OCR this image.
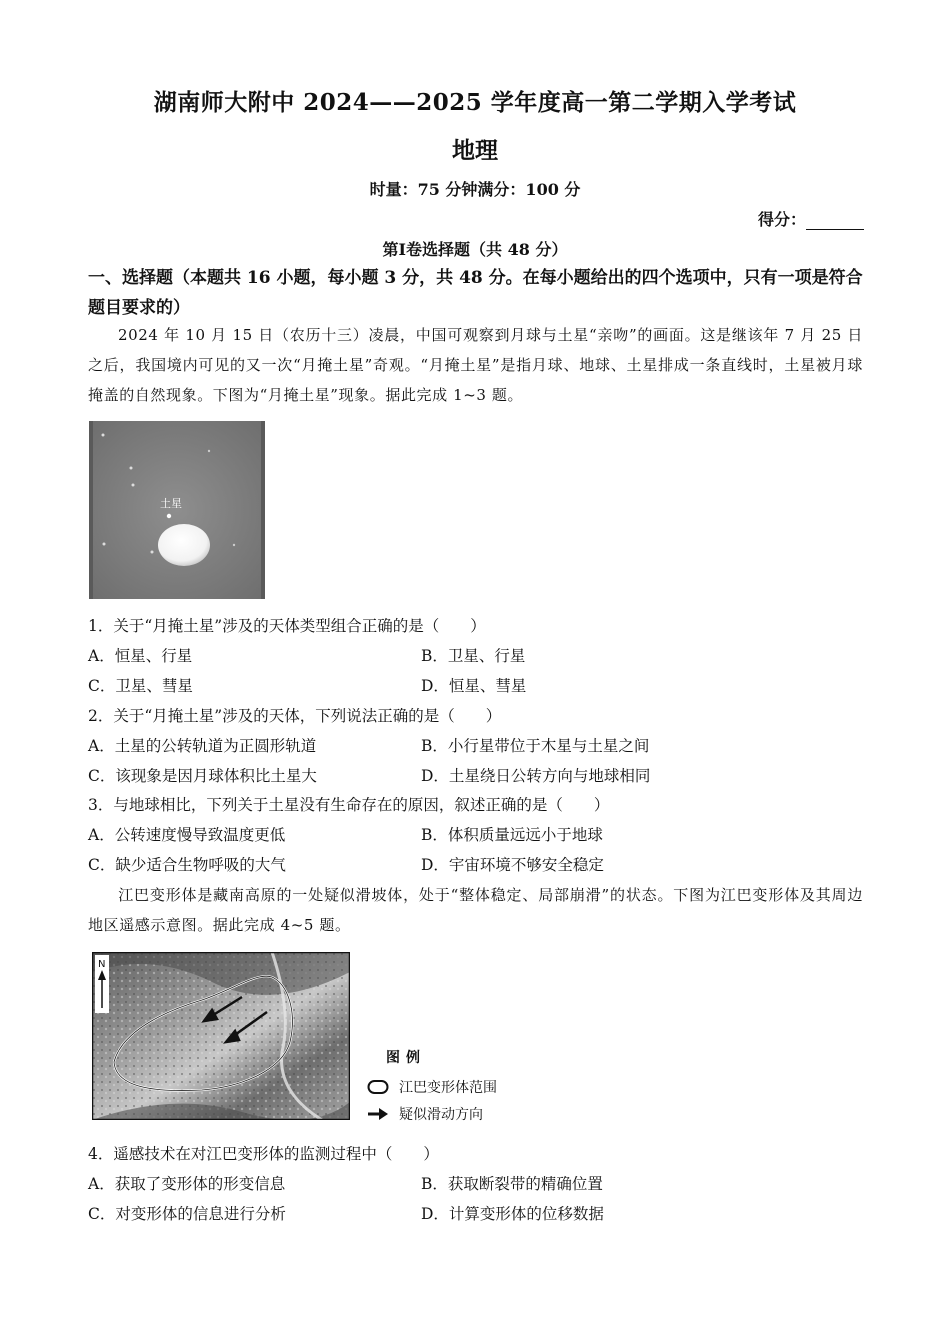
湖南师大附中 2024——2025 学年度高一第二学期入学考试
地理
时量：75 分钟满分：100 分
得分：
第Ⅰ卷选择题（共 48 分）
一、选择题（本题共 16 小题，每小题 3 分，共 48 分。在每小题给出的四个选项中，只有一项是符合题目要求的）
2024 年 10 月 15 日（农历十三）凌晨，中国可观察到月球与土星“亲吻”的画面。这是继该年 7 月 25 日之后，我国境内可见的又一次“月掩土星”奇观。“月掩土星”是指月球、地球、土星排成一条直线时，土星被月球掩盖的自然现象。下图为“月掩土星”现象。据此完成 1~3 题。
土星
1．关于“月掩土星”涉及的天体类型组合正确的是（　　）
A．恒星、行星	B．卫星、行星
C．卫星、彗星	D．恒星、彗星
2．关于“月掩土星”涉及的天体，下列说法正确的是（　　）
A．土星的公转轨道为正圆形轨道	B．小行星带位于木星与土星之间
C．该现象是因月球体积比土星大	D．土星绕日公转方向与地球相同
3．与地球相比，下列关于土星没有生命存在的原因，叙述正确的是（　　）
A．公转速度慢导致温度更低	B．体积质量远远小于地球
C．缺少适合生物呼吸的大气	D．宇宙环境不够安全稳定
江巴变形体是藏南高原的一处疑似滑坡体，处于“整体稳定、局部崩滑”的状态。下图为江巴变形体及其周边地区遥感示意图。据此完成 4~5 题。
N
图例
江巴变形体范围
疑似滑动方向
4．遥感技术在对江巴变形体的监测过程中（　　）
A．获取了变形体的形变信息	B．获取断裂带的精确位置
C．对变形体的信息进行分析	D．计算变形体的位移数据
